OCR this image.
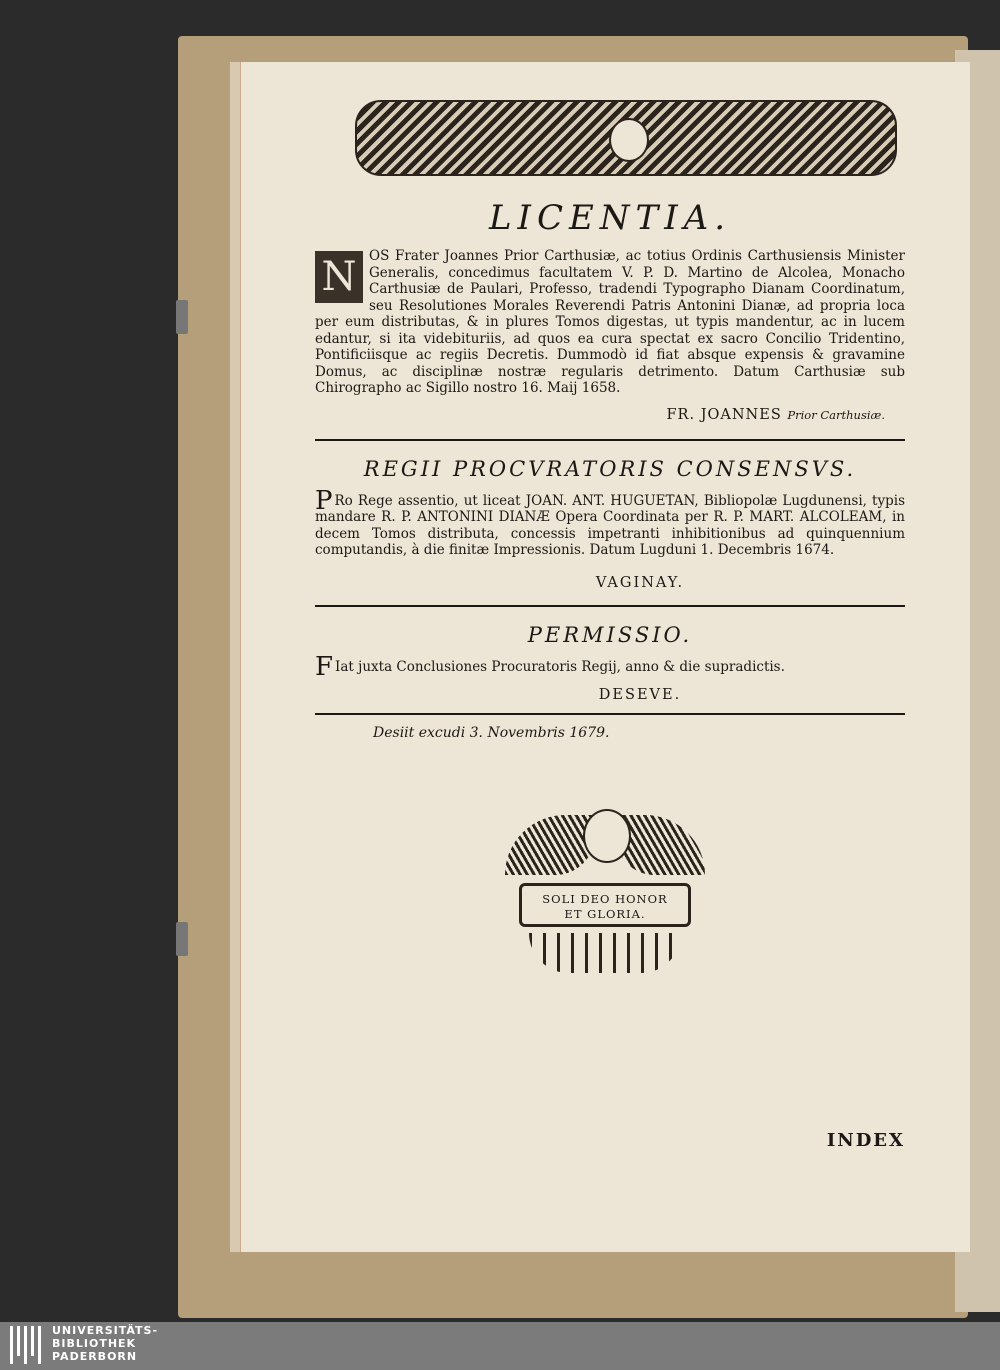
LICENTIA.

N OS Frater Joannes Prior Carthusiæ, ac totius Ordinis Carthusiensis Minister Generalis, concedimus facultatem V. P. D. Martino de Alcolea, Monacho Carthusiæ de Paulari, Professo, tradendi Typographo Dianam Coordinatum, seu Resolutiones Morales Reverendi Patris Antonini Dianæ, ad propria loca per eum distributas, & in plures Tomos digestas, ut typis mandentur, ac in lucem edantur, si ita videbituriis, ad quos ea cura spectat ex sacro Concilio Tridentino, Pontificiisque ac regiis Decretis. Dummodò id fiat absque expensis & gravamine Domus, ac disciplinæ nostræ regularis detrimento. Datum Carthusiæ sub Chirographo ac Sigillo nostro 16. Maij 1658.

FR. JOANNES Prior Carthusiæ.
REGII PROCVRATORIS CONSENSVS.

P Ro Rege assentio, ut liceat JOAN. ANT. HUGUETAN, Bibliopolæ Lugdunensi, typis mandare R. P. ANTONINI DIANÆ Opera Coordinata per R. P. MART. ALCOLEAM, in decem Tomos distributa, concessis impetranti inhibitionibus ad quinquennium computandis, à die finitæ Impressionis. Datum Lugduni 1. Decembris 1674.

VAGINAY.
PERMISSIO.

F Iat juxta Conclusiones Procuratoris Regij, anno & die supradictis.

DESEVE.
Desiit excudi 3. Novembris 1679.
SOLI DEO HONOR
ET GLORIA.
INDEX
UNIVERSITÄTS-
BIBLIOTHEK
PADERBORN
